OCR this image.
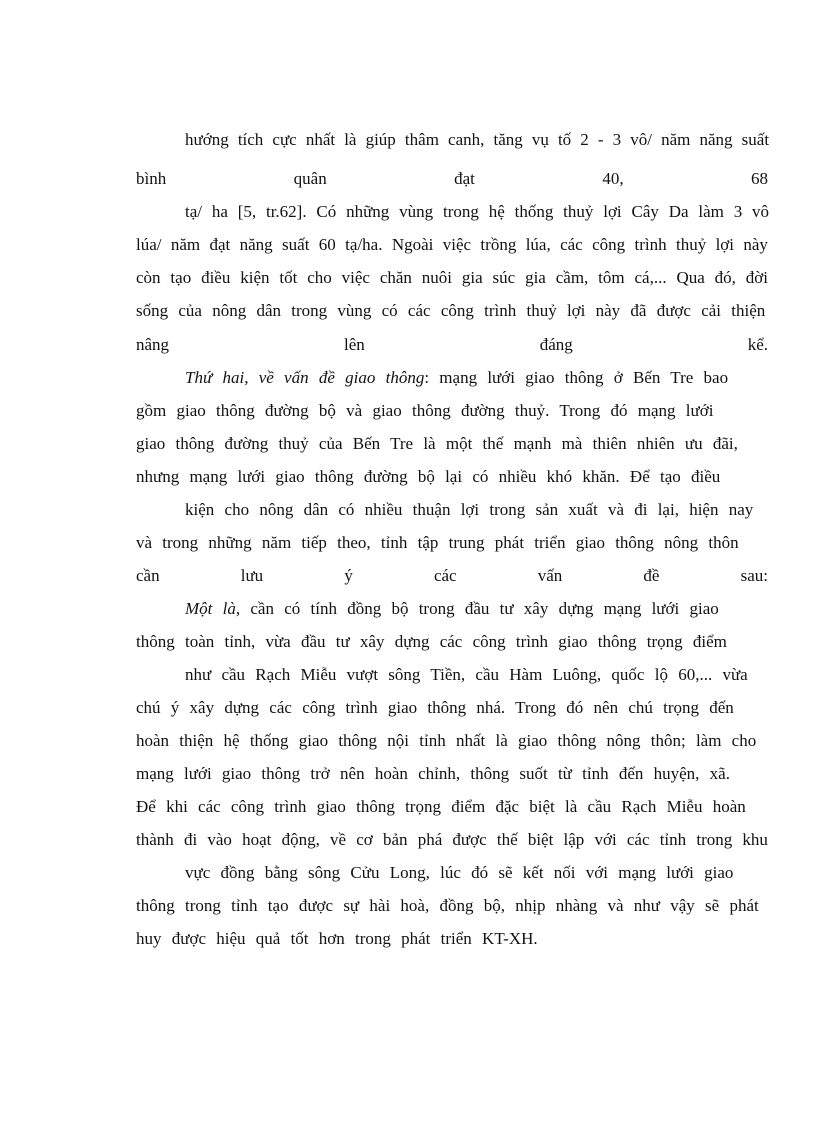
hướng tích cực nhất là giúp thâm canh, tăng vụ tố 2 - 3 vô/ năm năng suất

bình	quân	đạt	40,	68

tạ/ ha [5, tr.62]. Có những vùng trong hệ thống thuỷ lợi Cây Da làm 3 vô

lúa/ năm đạt năng suất 60 tạ/ha. Ngoài việc trồng lúa, các công trình thuỷ lợi này

còn tạo điều kiện tốt cho việc chăn nuôi gia súc gia cầm, tôm cá,... Qua đó, đời

sống của nông dân trong vùng có các công trình thuỷ lợi này đã được cải thiện

nâng	lên	đáng	kể.

Thứ hai, về vấn đề giao thông: mạng lưới giao thông ở Bến Tre bao

gồm giao thông đường bộ và giao thông đường thuỷ. Trong đó mạng lưới

giao thông đường thuỷ của Bến Tre là một thế mạnh mà thiên nhiên ưu đãi,

nhưng mạng lưới giao thông đường bộ lại có nhiều khó khăn. Để tạo điều

kiện cho nông dân có nhiều thuận lợi trong sản xuất và đi lại, hiện nay

và trong những năm tiếp theo, tỉnh tập trung phát triển giao thông nông thôn

cần	lưu	ý	các	vấn	đề	sau:

Một là, cần có tính đồng bộ trong đầu tư xây dựng mạng lưới giao

thông toàn tỉnh, vừa đầu tư xây dựng các công trình giao thông trọng điểm

như cầu Rạch Miễu vượt sông Tiền, cầu Hàm Luông, quốc lộ 60,... vừa

chú ý xây dựng các công trình giao thông nhá. Trong đó nên chú trọng đến

hoàn thiện hệ thống giao thông nội tỉnh nhất là giao thông nông thôn; làm cho

mạng lưới giao thông trở nên hoàn chỉnh, thông suốt từ tỉnh đến huyện, xã.

Để khi các công trình giao thông trọng điểm đặc biệt là cầu Rạch Miễu hoàn

thành đi vào hoạt động, về cơ bản phá được thế biệt lập với các tỉnh trong khu

vực đồng bằng sông Cửu Long, lúc đó sẽ kết nối với mạng lưới giao

thông trong tỉnh tạo được sự hài hoà, đồng bộ, nhịp nhàng và như vậy sẽ phát

huy được hiệu quả tốt hơn trong phát triển KT-XH.
